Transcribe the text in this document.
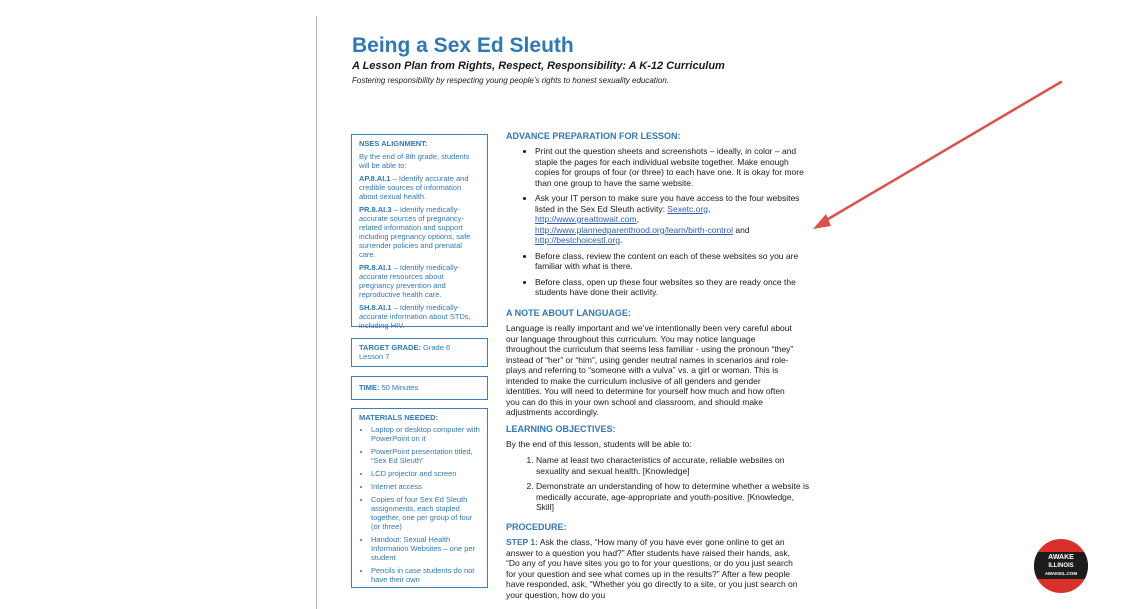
Being a Sex Ed Sleuth

A Lesson Plan from Rights, Respect, Responsibility: A K-12 Curriculum

Fostering responsibility by respecting young people’s rights to honest sexuality education.

NSES ALIGNMENT:

By the end of 8th grade, students will be able to:

AP.8.AI.1 – Identify accurate and credible sources of information about sexual health.

PR.8.AI.3 – Identify medically-accurate sources of pregnancy-related information and support including pregnancy options, safe surrender policies and prenatal care.

PR.8.AI.1 – Identify medically-accurate resources about pregnancy prevention and reproductive health care.

SH.8.AI.1 – Identify medically-accurate information about STDs, including HIV.

TARGET GRADE: Grade 6

Lesson 7

TIME: 50 Minutes

MATERIALS NEEDED:

• Laptop or desktop computer with PowerPoint on it
• PowerPoint presentation titled, “Sex Ed Sleuth”
• LCD projector and screen
• Internet access
• Copies of four Sex Ed Sleuth assignments, each stapled together, one per group of four (or three)
• Handout: Sexual Health Information Websites – one per student
• Pencils in case students do not have their own

ADVANCE PREPARATION FOR LESSON:

• Print out the question sheets and screenshots – ideally, in color – and staple the pages for each individual website together. Make enough copies for groups of four (or three) to each have one. It is okay for more than one group to have the same website.
• Ask your IT person to make sure you have access to the four websites listed in the Sex Ed Sleuth activity: Sexetc.org, http://www.greattowait.com, http://www.plannedparenthood.org/learn/birth-control and http://bestchoicestl.org.
• Before class, review the content on each of these websites so you are familiar with what is there.
• Before class, open up these four websites so they are ready once the students have done their activity.

A NOTE ABOUT LANGUAGE:

Language is really important and we’ve intentionally been very careful about our language throughout this curriculum. You may notice language throughout the curriculum that seems less familiar - using the pronoun “they” instead of “her” or “him”, using gender neutral names in scenarios and role-plays and referring to “someone with a vulva” vs. a girl or woman. This is intended to make the curriculum inclusive of all genders and gender identities. You will need to determine for yourself how much and how often you can do this in your own school and classroom, and should make adjustments accordingly.

LEARNING OBJECTIVES:

By the end of this lesson, students will be able to:

1. Name at least two characteristics of accurate, reliable websites on sexuality and sexual health. [Knowledge]
2. Demonstrate an understanding of how to determine whether a website is medically accurate, age-appropriate and youth-positive. [Knowledge, Skill]

PROCEDURE:

STEP 1: Ask the class, “How many of you have ever gone online to get an answer to a question you had?” After students have raised their hands, ask, “Do any of you have sites you go to for your questions, or do you just search for your question and see what comes up in the results?” After a few people have responded, ask, “Whether you go directly to a site, or you just search on your question, how do you

AWAKE
ILLINOIS
AWAKEIL.COM
